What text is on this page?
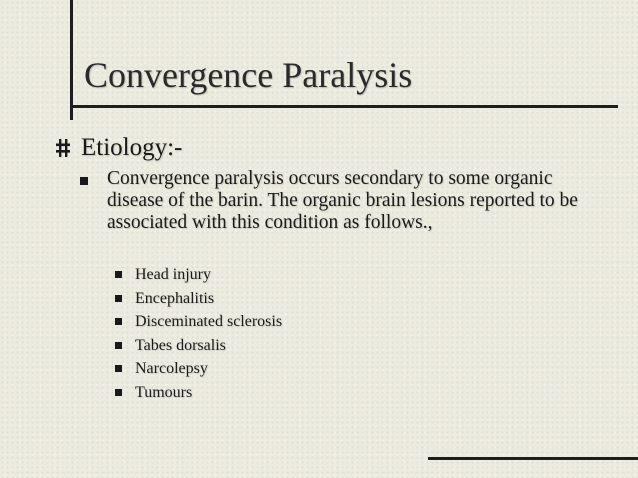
Convergence Paralysis
Etiology:-
Convergence paralysis occurs secondary to some organic disease of the barin. The organic brain lesions reported to be associated with this condition as follows.,
Head injury
Encephalitis
Disceminated sclerosis
Tabes dorsalis
Narcolepsy
Tumours
